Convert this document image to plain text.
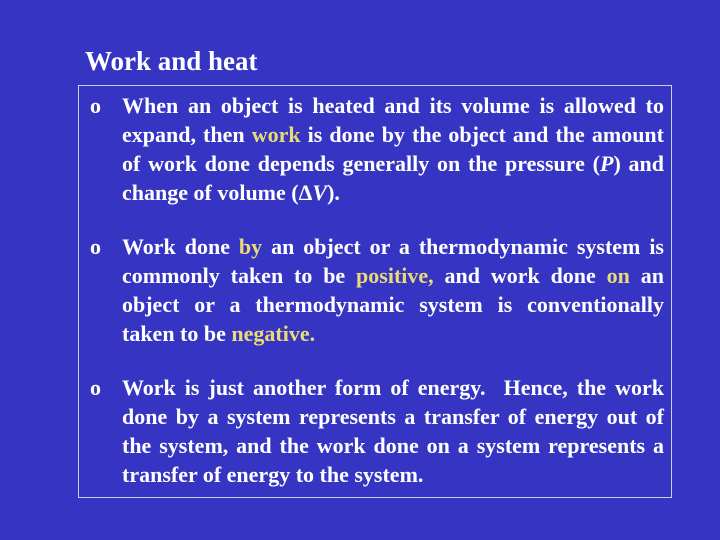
Work and heat
o When an object is heated and its volume is allowed to expand, then work is done by the object and the amount of work done depends generally on the pressure (P) and change of volume (ΔV).
o Work done by an object or a thermodynamic system is commonly taken to be positive, and work done on an object or a thermodynamic system is conventionally taken to be negative.
o Work is just another form of energy.  Hence, the work done by a system represents a transfer of energy out of the system, and the work done on a system represents a transfer of energy to the system.
